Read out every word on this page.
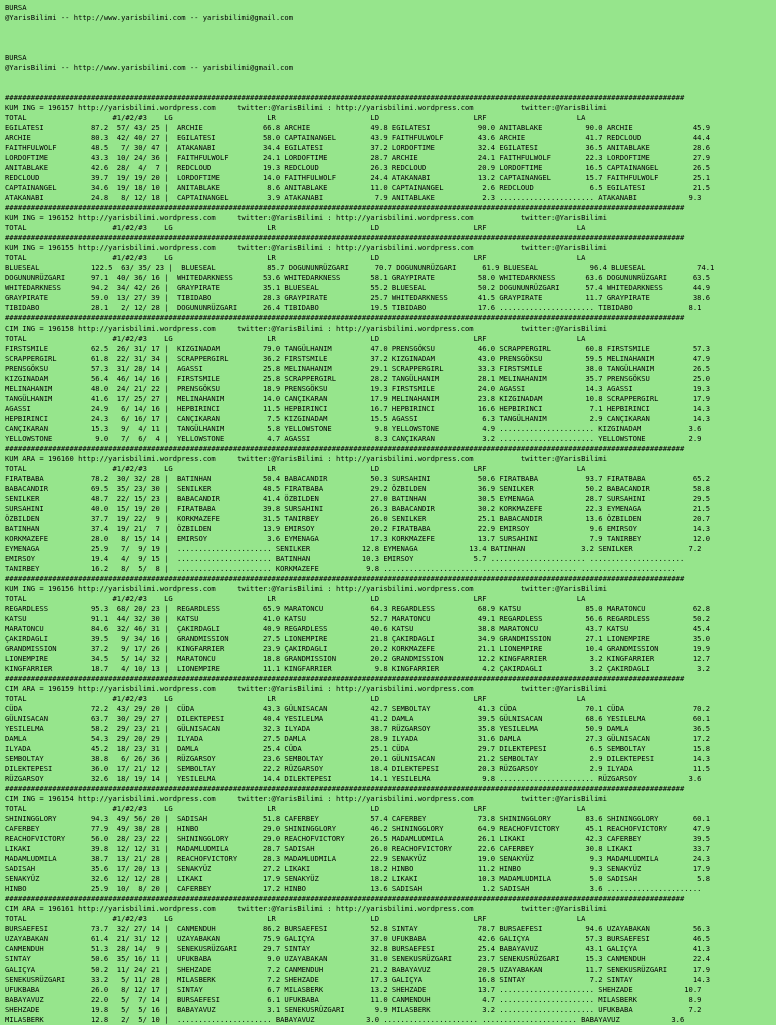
BURSA
@YarisBilimi -- http://www.yarisbilimi.com -- yarisbilimi@gmail.com
BURSA
@YarisBilimi -- http://www.yarisbilimi.com -- yarisbilimi@gmail.com
##############################################################################################################################################################
KUM ING = 196157 http://yarisbilimi.wordpress.com     twitter:@YarisBilimi : http://yarisbilimi.wordpress.com           twitter:@YarisBilimi
TOTAL                    #1/#2/#3    LG                      LR                      LD                      LRF                     LA
EGILATESI           87.2  57/ 43/ 25 |  ARCHIE              66.8 ARCHIE              49.8 EGILATESI           90.0 ANITABLAKE          90.0 ARCHIE              45.9
ARCHIE              80.3  42/ 40/ 27 |  EGILATESI           58.0 CAPTAINANGEL        43.9 FAITHFULWOLF        43.6 ARCHIE              41.7 REDCLOUD            44.4
FAITHFULWOLF        48.5   7/ 30/ 47 |  ATAKANABI           34.4 EGILATESI           37.2 LORDOFTIME          32.4 EGILATESI           36.5 ANITABLAKE          28.6
LORDOFTIME          43.3  10/ 24/ 36 |  FAITHFULWOLF        24.1 LORDOFTIME          28.7 ARCHIE              24.1 FAITHFULWOLF        22.3 LORDOFTIME          27.9
ANITABLAKE          42.6  28/  4/  7 |  REDCLOUD            19.3 REDCLOUD            26.3 REDCLOUD            20.9 LORDOFTIME          16.5 CAPTAINANGEL        26.5
REDCLOUD            39.7  19/ 19/ 20 |  LORDOFTIME          14.0 FAITHFULWOLF        24.4 ATAKANABI           13.2 CAPTAINANGEL        15.7 FAITHFULWOLF        25.1
CAPTAINANGEL        34.6  19/ 18/ 10 |  ANITABLAKE           8.6 ANITABLAKE          11.0 CAPTAINANGEL         2.6 REDCLOUD             6.5 EGILATESI           21.5
ATAKANABI           24.8   8/ 12/ 18 |  CAPTAINANGEL         3.9 ATAKANABI            7.9 ANITABLAKE           2.3 ...................... ATAKANABI            9.3
##############################################################################################################################################################
KUM ING = 196152 http://yarisbilimi.wordpress.com     twitter:@YarisBilimi : http://yarisbilimi.wordpress.com           twitter:@YarisBilimi
TOTAL                    #1/#2/#3    LG                      LR                      LD                      LRF                     LA
##############################################################################################################################################################
KUM ING = 196155 http://yarisbilimi.wordpress.com     twitter:@YarisBilimi : http://yarisbilimi.wordpress.com           twitter:@YarisBilimi
TOTAL                    #1/#2/#3    LG                      LR                      LD                      LRF                     LA
BLUESEAL            122.5  63/ 35/ 23 |  BLUESEAL            85.7 DOGUNUNRÜZGARI      70.7 DOGUNUNRÜZGARI      61.9 BLUESEAL            96.4 BLUESEAL            74.1
DOGUNUNRÜZGARI      97.1  40/ 36/ 16 |  WHITEDARKNESS       53.6 WHITEDARKNESS       58.1 GRAYPIRATE          58.0 WHITEDARKNESS       63.6 DOGUNUNRÜZGARI      63.5
WHITEDARKNESS       94.2  34/ 42/ 26 |  GRAYPIRATE          35.1 BLUESEAL            55.2 BLUESEAL            50.2 DOGUNUNRÜZGARI      57.4 WHITEDARKNESS       44.9
GRAYPIRATE          59.0  13/ 27/ 39 |  TIBIDABO            28.3 GRAYPIRATE          25.7 WHITEDARKNESS       41.5 GRAYPIRATE          11.7 GRAYPIRATE          38.6
TIBIDABO            28.1   2/ 12/ 28 |  DOGUNUNRÜZGARI      26.4 TIBIDABO            19.5 TIBIDABO            17.6 ...................... TIBIDABO             8.1
##############################################################################################################################################################
CIM ING = 196158 http://yarisbilimi.wordpress.com     twitter:@YarisBilimi : http://yarisbilimi.wordpress.com           twitter:@YarisBilimi
TOTAL                    #1/#2/#3    LG                      LR                      LD                      LRF                     LA
FIRSTSMILE          62.5  26/ 31/ 17 |  KIZGINADAM          79.0 TANGÜLHANIM         47.0 PRENSGÖKSU          46.0 SCRAPPERGIRL        60.8 FIRSTSMILE          57.3
SCRAPPERGIRL        61.8  22/ 31/ 34 |  SCRAPPERGIRL        36.2 FIRSTSMILE          37.2 KIZGINADAM          43.0 PRENSGÖKSU          59.5 MELINAHANIM         47.9
PRENSGÖKSU          57.3  31/ 28/ 14 |  AGASSI              25.8 MELINAHANIM         29.1 SCRAPPERGIRL        33.3 FIRSTSMILE          38.0 TANGÜLHANIM         26.5
KIZGINADAM          56.4  46/ 14/ 16 |  FIRSTSMILE          25.8 SCRAPPERGIRL        28.2 TANGÜLHANIM         28.1 MELINAHANIM         35.7 PRENSGÖKSU          25.0
MELINAHANIM         48.0  24/ 21/ 22 |  PRENSGÖKSU          18.9 PRENSGÖKSU          19.3 FIRSTSMILE          24.0 AGASSI              14.3 AGASSI              19.3
TANGÜLHANIM         41.6  17/ 25/ 27 |  MELINAHANIM         14.0 CANÇIKARAN          17.9 MELINAHANIM         23.8 KIZGINADAM          10.8 SCRAPPERGIRL        17.9
AGASSI              24.9   6/ 14/ 16 |  HEPBIRINCI          11.5 HEPBIRINCI          16.7 HEPBIRINCI          16.6 HEPBIRINCI           7.1 HEPBIRINCI          14.3
HEPBIRINCI          24.3   6/ 16/ 17 |  CANÇIKARAN           7.5 KIZGINADAM          15.5 AGASSI               6.3 TANGÜLHANIM          2.9 CANÇIKARAN          14.3
CANÇIKARAN          15.3   9/  4/ 11 |  TANGÜLHANIM          5.8 YELLOWSTONE          9.8 YELLOWSTONE          4.9 ...................... KIZGINADAM           3.6
YELLOWSTONE          9.0   7/  6/  4 |  YELLOWSTONE          4.7 AGASSI               8.3 CANÇIKARAN           3.2 ...................... YELLOWSTONE          2.9
##############################################################################################################################################################
KUM ARA = 196160 http://yarisbilimi.wordpress.com     twitter:@YarisBilimi : http://yarisbilimi.wordpress.com           twitter:@YarisBilimi
TOTAL                    #1/#2/#3    LG                      LR                      LD                      LRF                     LA
FIRATBABA           78.2  30/ 32/ 28 |  BATINHAN            50.4 BABACANDIR          50.3 SURSAHINI           50.6 FIRATBABA           93.7 FIRATBABA           65.2
BABACANDIR          69.5  35/ 23/ 30 |  SENILKER            48.5 FIRATBABA           29.2 ÖZBILDEN            36.9 SENILKER            50.2 BABACANDIR          58.8
SENILKER            48.7  22/ 15/ 23 |  BABACANDIR          41.4 ÖZBILDEN            27.0 BATINHAN            30.5 EYMENAGA            28.7 SURSAHINI           29.5
SURSAHINI           40.0  15/ 19/ 20 |  FIRATBABA           39.8 SURSAHINI           26.3 BABACANDIR          30.2 KORKMAZEFE          22.3 EYMENAGA            21.5
ÖZBILDEN            37.7  19/ 22/  9 |  KORKMAZEFE          31.5 TANIRBEY            26.0 SENILKER            25.1 BABACANDIR          13.6 ÖZBILDEN            20.7
BATINHAN            37.4  19/ 21/  7 |  ÖZBILDEN            13.9 EMIRSOY             20.2 FIRATBABA           22.9 EMIRSOY              9.6 EMIRSOY             14.3
KORKMAZEFE          28.0   8/ 15/ 14 |  EMIRSOY              3.6 EYMENAGA            17.3 KORKMAZEFE          13.7 SURSAHINI            7.9 TANIRBEY            12.0
EYMENAGA            25.9   7/  9/ 19 |  ...................... SENILKER            12.8 EYMENAGA            13.4 BATINHAN             3.2 SENILKER             7.2
EMIRSOY             19.4   4/  9/ 15 |  ...................... BATINHAN            10.3 EMIRSOY              5.7 ...................... ......................
TANIRBEY            16.2   8/  5/  8 |  ...................... KORKMAZEFE           9.8 ...................... ...................... ......................
##############################################################################################################################################################
KUM ING = 196156 http://yarisbilimi.wordpress.com     twitter:@YarisBilimi : http://yarisbilimi.wordpress.com           twitter:@YarisBilimi
TOTAL                    #1/#2/#3    LG                      LR                      LD                      LRF                     LA
REGARDLESS          95.3  68/ 20/ 23 |  REGARDLESS          65.9 MARATONCU           64.3 REGARDLESS          68.9 KATSU               85.0 MARATONCU           62.8
KATSU               91.1  44/ 32/ 30 |  KATSU               41.0 KATSU               52.7 MARATONCU           49.1 REGARDLESS          56.6 REGARDLESS          50.2
MARATONCU           84.6  32/ 46/ 31 |  ÇAKIRDAGLI          40.9 REGARDLESS          40.6 KATSU               38.8 MARATONCU           43.7 KATSU               45.4
ÇAKIRDAGLI          39.5   9/ 34/ 16 |  GRANDMISSION        27.5 LIONEMPIRE          21.8 ÇAKIRDAGLI          34.9 GRANDMISSION        27.1 LIONEMPIRE          35.0
GRANDMISSION        37.2   9/ 17/ 26 |  KINGFARRIER         23.9 ÇAKIRDAGLI          20.2 KORKMAZEFE          21.1 LIONEMPIRE          10.4 GRANDMISSION        19.9
LIONEMPIRE          34.5   5/ 14/ 32 |  MARATONCU           18.8 GRANDMISSION        20.2 GRANDMISSION        12.2 KINGFARRIER          3.2 KINGFARRIER         12.7
KINGFARRIER         18.7   4/ 10/ 13 |  LIONEMPIRE          11.1 KINGFARRIER          9.8 KINGFARRIER          4.2 ÇAKIRDAGLI           3.2 ÇAKIRDAGLI           3.2
##############################################################################################################################################################
CIM ARA = 196159 http://yarisbilimi.wordpress.com     twitter:@YarisBilimi : http://yarisbilimi.wordpress.com           twitter:@YarisBilimi
TOTAL                    #1/#2/#3    LG                      LR                      LD                      LRF                     LA
CÜDA                72.2  43/ 29/ 20 |  CÜDA                43.3 GÜLNISACAN          42.7 SEMBOLTAY           41.3 CÜDA                70.1 CÜDA                70.2
GÜLNISACAN          63.7  30/ 29/ 27 |  DILEKTEPESI         40.4 YESILELMA           41.2 DAMLA               39.5 GÜLNISACAN          68.6 YESILELMA           60.1
YESILELMA           58.2  29/ 23/ 21 |  GÜLNISACAN          32.3 ILYADA              38.7 RÜZGARSOY           35.8 YESILELMA           50.9 DAMLA               36.5
DAMLA               54.3  29/ 20/ 29 |  ILYADA              27.5 DAMLA               28.9 ILYADA              31.6 DAMLA               27.3 GÜLNISACAN          17.2
ILYADA              45.2  18/ 23/ 31 |  DAMLA               25.4 CÜDA                25.1 CÜDA                29.7 DILEKTEPESI          6.5 SEMBOLTAY           15.8
SEMBOLTAY           38.8   6/ 26/ 36 |  RÜZGARSOY           23.6 SEMBOLTAY           20.1 GÜLNISACAN          21.2 SEMBOLTAY            2.9 DILEKTEPESI         14.3
DILEKTEPESI         36.0  17/ 21/ 12 |  SEMBOLTAY           22.2 RÜZGARSOY           18.4 DILEKTEPESI         20.3 RÜZGARSOY            2.9 ILYADA              11.5
RÜZGARSOY           32.6  18/ 19/ 14 |  YESILELMA           14.4 DILEKTEPESI         14.1 YESILELMA            9.8 ...................... RÜZGARSOY            3.6
##############################################################################################################################################################
CIM ING = 196154 http://yarisbilimi.wordpress.com     twitter:@YarisBilimi : http://yarisbilimi.wordpress.com           twitter:@YarisBilimi
TOTAL                    #1/#2/#3    LG                      LR                      LD                      LRF                     LA
SHININGGLORY        94.3  49/ 56/ 20 |  SADISAH             51.8 CAFERBEY            57.4 CAFERBEY            73.8 SHININGGLORY        83.6 SHININGGLORY        60.1
CAFERBEY            77.9  49/ 38/ 28 |  HINBO               29.0 SHININGGLORY        46.2 SHININGGLORY        64.9 REACHOFVICTORY      45.1 REACHOFVICTORY      47.9
REACHOFVICTORY      56.0  28/ 23/ 22 |  SHININGGLORY        29.0 REACHOFVICTORY      26.5 MADAMLUDMILA        26.1 LIKAKI              42.3 CAFERBEY            39.5
LIKAKI              39.8  12/ 12/ 31 |  MADAMLUDMILA        28.7 SADISAH             26.0 REACHOFVICTORY      22.6 CAFERBEY            30.8 LIKAKI              33.7
MADAMLUDMILA        38.7  13/ 21/ 28 |  REACHOFVICTORY      28.3 MADAMLUDMILA        22.9 SENAKYÜZ            19.0 SENAKYÜZ             9.3 MADAMLUDMILA        24.3
SADISAH             35.6  17/ 20/ 13 |  SENAKYÜZ            27.2 LIKAKI              18.2 HINBO               11.2 HINBO                9.3 SENAKYÜZ            17.9
SENAKYÜZ            32.6  12/ 12/ 28 |  LIKAKI              17.9 SENAKYÜZ            18.2 LIKAKI              10.3 MADAMLUDMILA         5.0 SADISAH              5.8
HINBO               25.9  10/  8/ 20 |  CAFERBEY            17.2 HINBO               13.6 SADISAH              1.2 SADISAH              3.6 ......................
##############################################################################################################################################################
CIM ARA = 196161 http://yarisbilimi.wordpress.com     twitter:@YarisBilimi : http://yarisbilimi.wordpress.com           twitter:@YarisBilimi
TOTAL                    #1/#2/#3    LG                      LR                      LD                      LRF                     LA
BURSAEFESI          73.7  32/ 27/ 14 |  CANMENDUH           86.2 BURSAEFESI          52.8 SINTAY              78.7 BURSAEFESI          94.6 UZAYABAKAN          56.3
UZAYABAKAN          61.4  21/ 31/ 12 |  UZAYABAKAN          75.9 GALIÇYA             37.0 UFUKBABA            42.6 GALIÇYA             57.3 BURSAEFESI          46.5
CANMENDUH           51.3  28/ 14/  9 |  SENEKUSRÜZGARI      29.7 SINTAY              32.8 BURSAEFESI          25.4 BABAYAVUZ           43.1 GALIÇYA             41.3
SINTAY              50.6  35/ 16/ 11 |  UFUKBABA             9.0 UZAYABAKAN          31.0 SENEKUSRÜZGARI      23.7 SENEKUSRÜZGARI      15.3 CANMENDUH           22.4
GALIÇYA             50.2  11/ 24/ 21 |  SHEHZADE             7.2 CANMENDUH           21.2 BABAYAVUZ           20.5 UZAYABAKAN          11.7 SENEKUSRÜZGARI      17.9
SENEKUSRÜZGARI      33.2   5/ 11/ 28 |  MILASBERK            7.2 SHEHZADE            17.3 GALIÇYA             16.8 SINTAY               7.2 SINTAY              14.3
UFUKBABA            26.0   8/ 12/ 17 |  SINTAY               6.7 MILASBERK           13.2 SHEHZADE            13.7 ...................... SHEHZADE            10.7
BABAYAVUZ           22.0   5/  7/ 14 |  BURSAEFESI           6.1 UFUKBABA            11.0 CANMENDUH            4.7 ...................... MILASBERK            8.9
SHEHZADE            19.8   5/  5/ 16 |  BABAYAVUZ            3.1 SENEKUSRÜZGARI       9.9 MILASBERK            3.2 ...................... UFUKBABA             7.2
MILASBERK           12.8   2/  5/ 10 |  ...................... BABAYAVUZ            3.0 ...................... ...................... BABAYAVUZ            3.6
